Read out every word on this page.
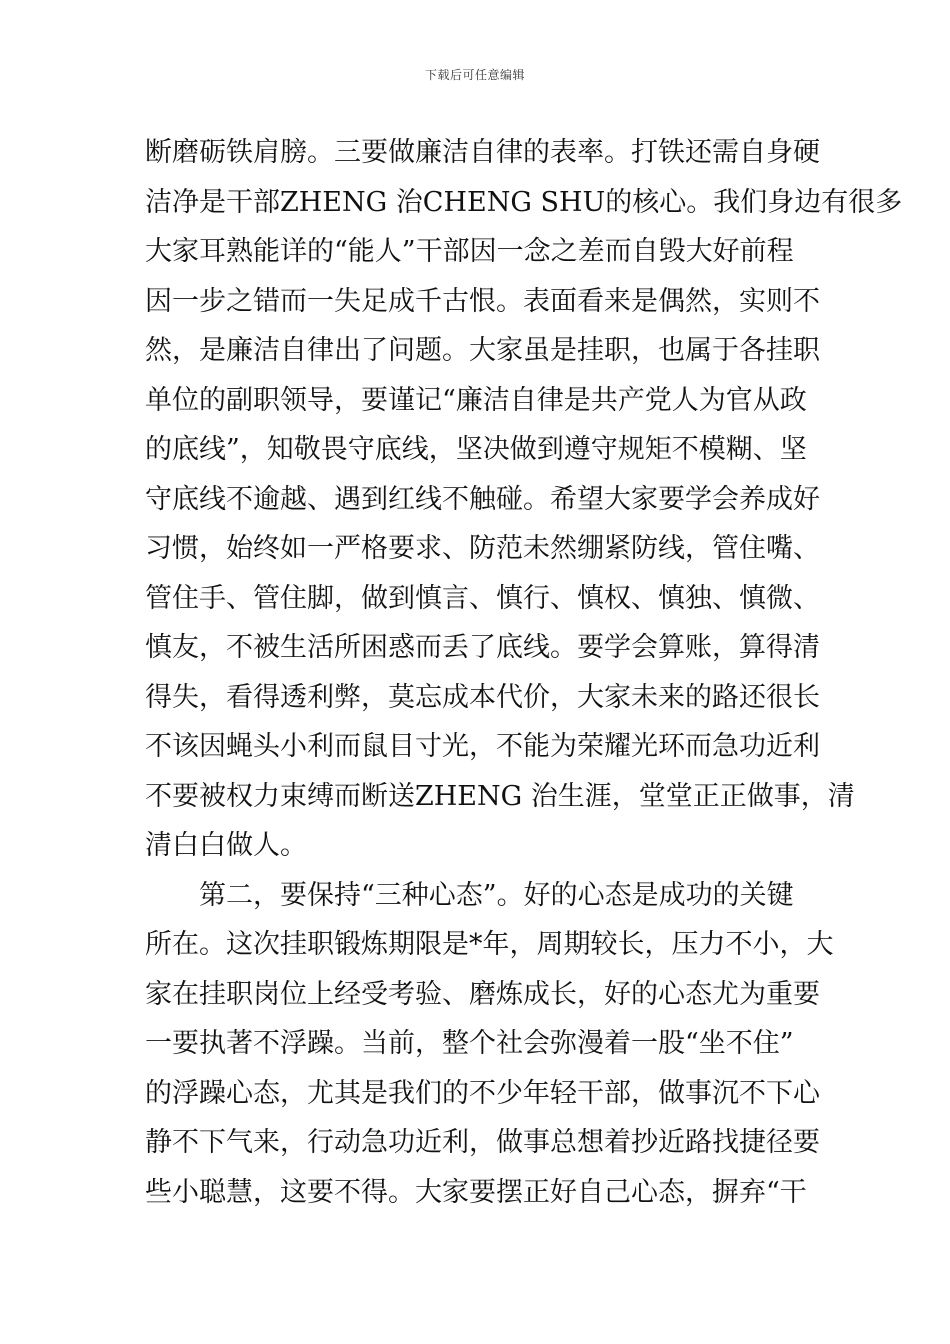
下载后可任意编辑
断磨砺铁肩膀。三要做廉洁自律的表率。打铁还需自身硬
洁净是干部ZHENG 治CHENG SHU的核心。我们身边有很多
大家耳熟能详的“能人”干部因一念之差而自毁大好前程
因一步之错而一失足成千古恨。表面看来是偶然，实则不
然，是廉洁自律出了问题。大家虽是挂职，也属于各挂职
单位的副职领导，要谨记“廉洁自律是共产党人为官从政
的底线”，知敬畏守底线，坚决做到遵守规矩不模糊、坚
守底线不逾越、遇到红线不触碰。希望大家要学会养成好
习惯，始终如一严格要求、防范未然绷紧防线，管住嘴、
管住手、管住脚，做到慎言、慎行、慎权、慎独、慎微、
慎友，不被生活所困惑而丢了底线。要学会算账，算得清
得失，看得透利弊，莫忘成本代价，大家未来的路还很长
不该因蝇头小利而鼠目寸光，不能为荣耀光环而急功近利
不要被权力束缚而断送ZHENG 治生涯，堂堂正正做事，清
清白白做人。
第二，要保持“三种心态”。好的心态是成功的关键
所在。这次挂职锻炼期限是*年，周期较长，压力不小，大
家在挂职岗位上经受考验、磨炼成长，好的心态尤为重要
一要执著不浮躁。当前，整个社会弥漫着一股“坐不住”
的浮躁心态，尤其是我们的不少年轻干部，做事沉不下心
静不下气来，行动急功近利，做事总想着抄近路找捷径要
些小聪慧，这要不得。大家要摆正好自己心态，摒弃“干
